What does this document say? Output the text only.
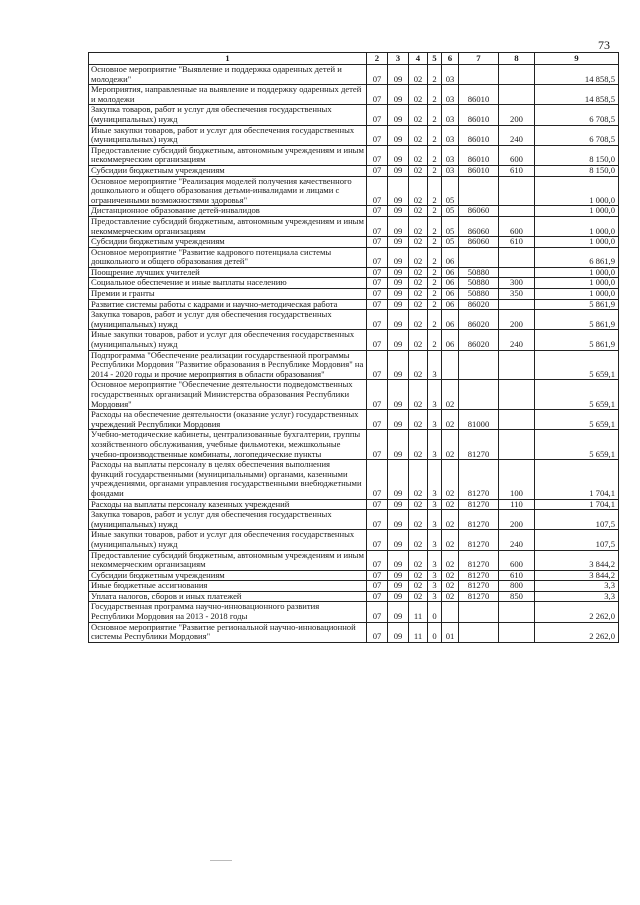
73
1	2	3	4	5	6	7	8	9
Основное мероприятие "Выявление и поддержка одаренных детей и молодежи"	07	09	02	2	03			14 858,5
Мероприятия, направленные на выявление и поддержку одаренных детей и молодежи	07	09	02	2	03	86010		14 858,5
Закупка товаров, работ и услуг для обеспечения государственных (муниципальных) нужд	07	09	02	2	03	86010	200	6 708,5
Иные закупки товаров, работ и услуг для обеспечения государственных (муниципальных) нужд	07	09	02	2	03	86010	240	6 708,5
Предоставление субсидий бюджетным, автономным учреждениям и иным некоммерческим организациям	07	09	02	2	03	86010	600	8 150,0
Субсидии бюджетным учреждениям	07	09	02	2	03	86010	610	8 150,0
Основное мероприятие "Реализация моделей получения качественного дошкольного и общего образования детьми-инвалидами и лицами с ограниченными возможностями здоровья"	07	09	02	2	05			1 000,0
Дистанционное образование детей-инвалидов	07	09	02	2	05	86060		1 000,0
Предоставление субсидий бюджетным, автономным учреждениям и иным некоммерческим организациям	07	09	02	2	05	86060	600	1 000,0
Субсидии бюджетным учреждениям	07	09	02	2	05	86060	610	1 000,0
Основное мероприятие "Развитие кадрового потенциала системы дошкольного и общего образования детей"	07	09	02	2	06			6 861,9
Поощрение лучших учителей	07	09	02	2	06	50880		1 000,0
Социальное обеспечение и иные выплаты населению	07	09	02	2	06	50880	300	1 000,0
Премии и гранты	07	09	02	2	06	50880	350	1 000,0
Развитие системы работы с кадрами и научно-методическая работа	07	09	02	2	06	86020		5 861,9
Закупка товаров, работ и услуг для обеспечения государственных (муниципальных) нужд	07	09	02	2	06	86020	200	5 861,9
Иные закупки товаров, работ и услуг для обеспечения государственных (муниципальных) нужд	07	09	02	2	06	86020	240	5 861,9
Подпрограмма "Обеспечение реализации государственной программы Республики Мордовия "Развитие образования в Республике Мордовия" на 2014 - 2020 годы и прочие мероприятия в области образования"	07	09	02	3				5 659,1
Основное мероприятие "Обеспечение деятельности подведомственных государственных организаций Министерства образования Республики Мордовия"	07	09	02	3	02			5 659,1
Расходы на обеспечение деятельности (оказание услуг) государственных учреждений Республики Мордовия	07	09	02	3	02	81000		5 659,1
Учебно-методические кабинеты, централизованные бухгалтерии, группы хозяйственного обслуживания, учебные фильмотеки, межшкольные учебно-производственные комбинаты, логопедические пункты	07	09	02	3	02	81270		5 659,1
Расходы на выплаты персоналу в целях обеспечения выполнения функций государственными (муниципальными) органами, казенными учреждениями, органами управления государственными внебюджетными фондами	07	09	02	3	02	81270	100	1 704,1
Расходы на выплаты персоналу казенных учреждений	07	09	02	3	02	81270	110	1 704,1
Закупка товаров, работ и услуг для обеспечения государственных (муниципальных) нужд	07	09	02	3	02	81270	200	107,5
Иные закупки товаров, работ и услуг для обеспечения государственных (муниципальных) нужд	07	09	02	3	02	81270	240	107,5
Предоставление субсидий бюджетным, автономным учреждениям и иным некоммерческим организациям	07	09	02	3	02	81270	600	3 844,2
Субсидии бюджетным учреждениям	07	09	02	3	02	81270	610	3 844,2
Иные бюджетные ассигнования	07	09	02	3	02	81270	800	3,3
Уплата налогов, сборов и иных платежей	07	09	02	3	02	81270	850	3,3
Государственная программа научно-инновационного развития Республики Мордовия на 2013 - 2018 годы	07	09	11	0				2 262,0
Основное мероприятие "Развитие региональной научно-инновационной системы Республики Мордовия"	07	09	11	0	01			2 262,0
